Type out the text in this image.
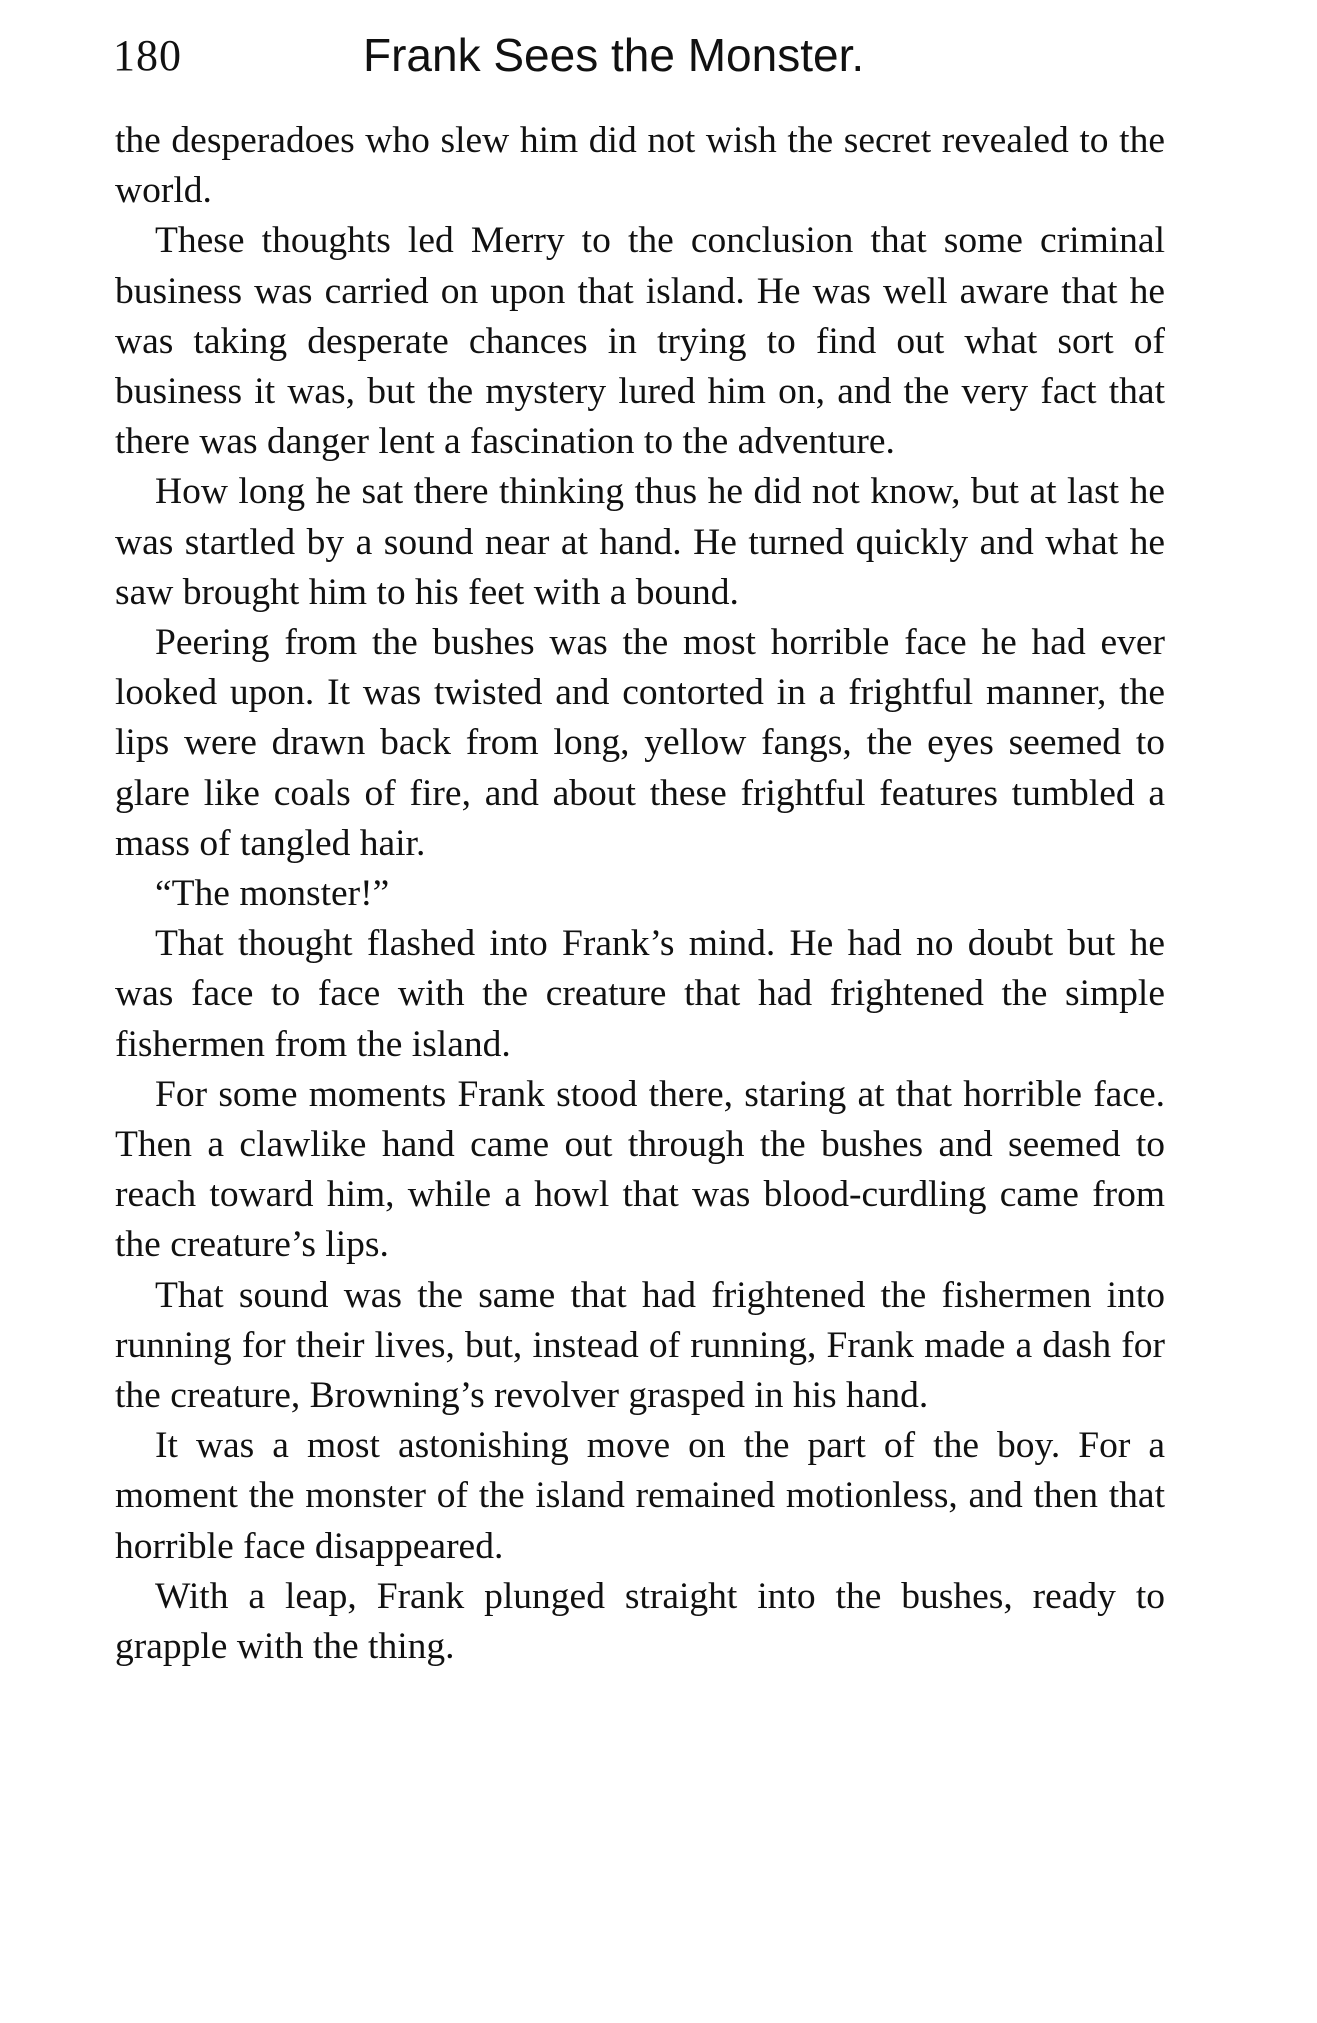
180	Frank Sees the Monster.

the desperadoes who slew him did not wish the secret revealed to the world.

These thoughts led Merry to the conclusion that some criminal business was carried on upon that island. He was well aware that he was taking desperate chances in trying to find out what sort of business it was, but the mystery lured him on, and the very fact that there was danger lent a fascination to the adventure.

How long he sat there thinking thus he did not know, but at last he was startled by a sound near at hand. He turned quickly and what he saw brought him to his feet with a bound.

Peering from the bushes was the most horrible face he had ever looked upon. It was twisted and contorted in a frightful manner, the lips were drawn back from long, yellow fangs, the eyes seemed to glare like coals of fire, and about these frightful features tumbled a mass of tangled hair.

“The monster!”

That thought flashed into Frank’s mind. He had no doubt but he was face to face with the creature that had frightened the simple fishermen from the island.

For some moments Frank stood there, staring at that horrible face. Then a clawlike hand came out through the bushes and seemed to reach toward him, while a howl that was blood-curdling came from the creature’s lips.

That sound was the same that had frightened the fishermen into running for their lives, but, instead of running, Frank made a dash for the creature, Browning’s revolver grasped in his hand.

It was a most astonishing move on the part of the boy. For a moment the monster of the island remained motionless, and then that horrible face disappeared.

With a leap, Frank plunged straight into the bushes, ready to grapple with the thing.
